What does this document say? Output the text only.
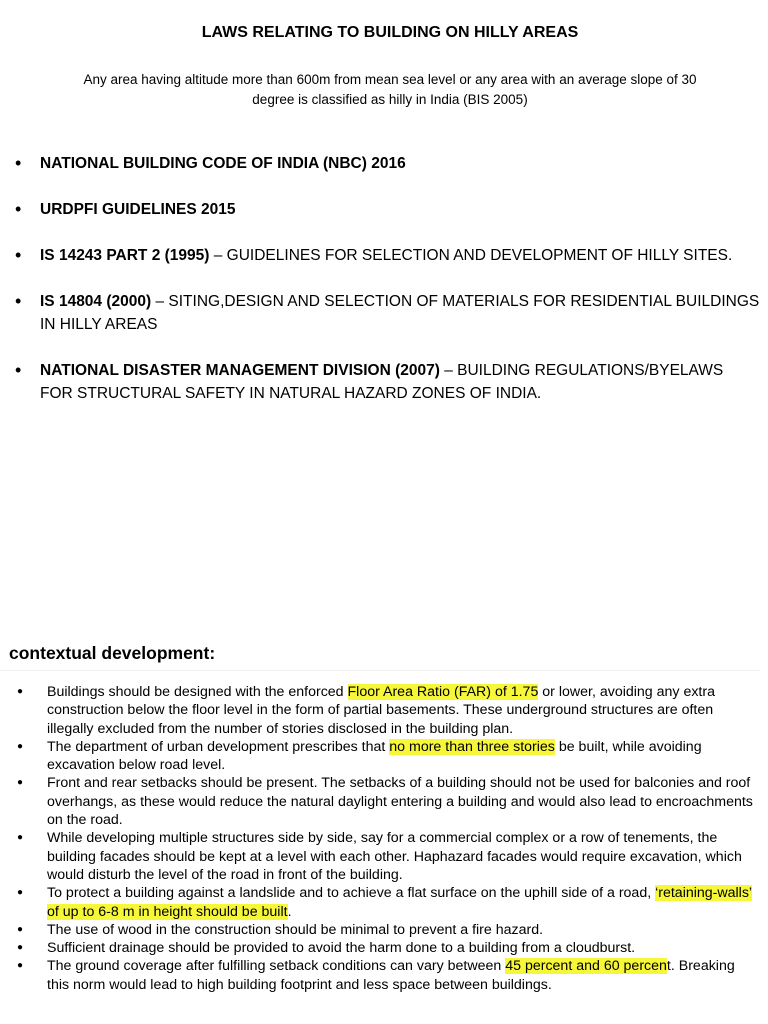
LAWS RELATING TO BUILDING ON HILLY AREAS
Any area having altitude more than 600m from mean sea level or any area with an average slope of 30 degree is classified as hilly in India (BIS 2005)
• NATIONAL BUILDING CODE OF INDIA (NBC) 2016
• URDPFI GUIDELINES 2015
• IS 14243 PART 2 (1995) – GUIDELINES FOR SELECTION AND DEVELOPMENT OF HILLY SITES.
• IS 14804 (2000) – SITING,DESIGN AND SELECTION OF MATERIALS FOR RESIDENTIAL BUILDINGS IN HILLY AREAS
• NATIONAL DISASTER MANAGEMENT DIVISION (2007) – BUILDING REGULATIONS/BYELAWS FOR STRUCTURAL SAFETY IN NATURAL HAZARD ZONES OF INDIA.
contextual development:
● Buildings should be designed with the enforced Floor Area Ratio (FAR) of 1.75 or lower, avoiding any extra construction below the floor level in the form of partial basements. These underground structures are often illegally excluded from the number of stories disclosed in the building plan.
● The department of urban development prescribes that no more than three stories be built, while avoiding excavation below road level.
● Front and rear setbacks should be present. The setbacks of a building should not be used for balconies and roof overhangs, as these would reduce the natural daylight entering a building and would also lead to encroachments on the road.
● While developing multiple structures side by side, say for a commercial complex or a row of tenements, the building facades should be kept at a level with each other. Haphazard facades would require excavation, which would disturb the level of the road in front of the building.
● To protect a building against a landslide and to achieve a flat surface on the uphill side of a road, ‘retaining-walls’ of up to 6-8 m in height should be built.
● The use of wood in the construction should be minimal to prevent a fire hazard.
● Sufficient drainage should be provided to avoid the harm done to a building from a cloudburst.
● The ground coverage after fulfilling setback conditions can vary between 45 percent and 60 percent. Breaking this norm would lead to high building footprint and less space between buildings.
